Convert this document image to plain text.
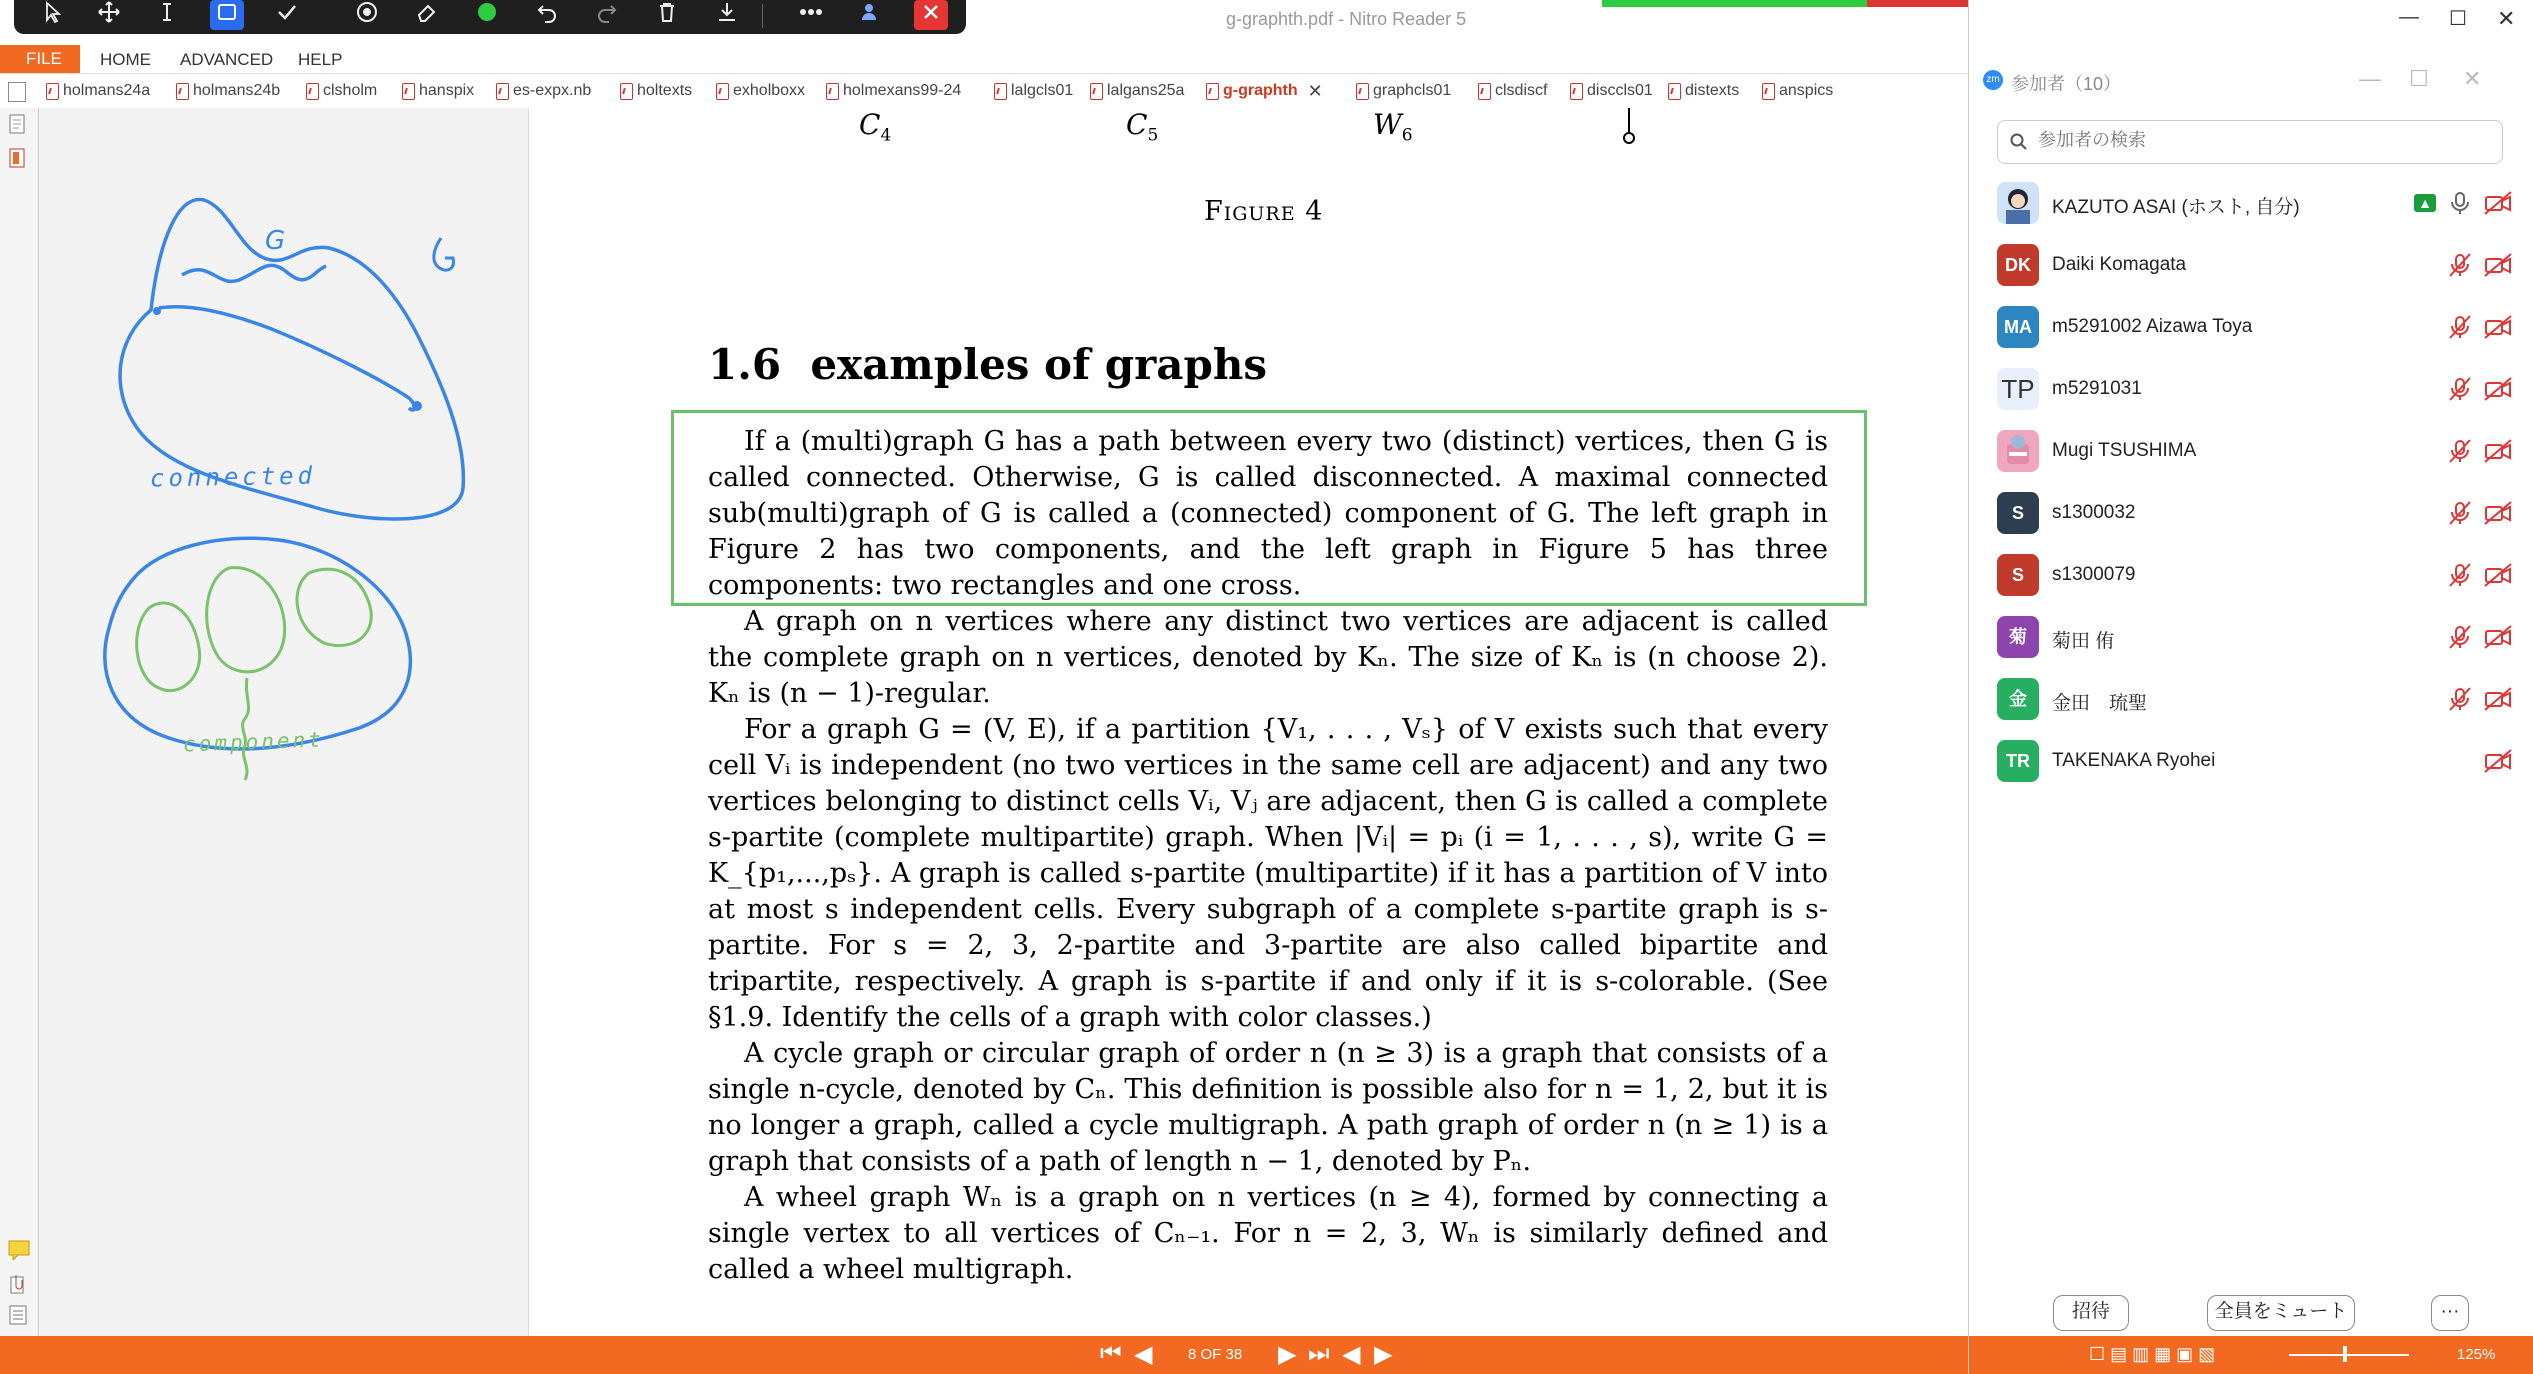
g-graphth.pdf - Nitro Reader 5
FILE	HOME ADVANCED HELP
holmans24a	holmans24b	clsholm	hanspix es-expx.nb	holtexts	exholboxx holmexans99-24	lalgcls01 lalgans25a g-graphth ✕	graphcls01	clsdiscf disccls01 distexts anspics
connected
G
component
$C_4$	$C_5$	$W_6$
Figure 4
1.6 examples of graphs

If a (multi)graph G has a path between every two (distinct) vertices, then G is called connected. Otherwise, G is called disconnected. A maximal connected sub(multi)graph of G is called a (connected) component of G. The left graph in Figure 2 has two components, and the left graph in Figure 5 has three components: two rectangles and one cross.

A graph on n vertices where any distinct two vertices are adjacent is called the complete graph on n vertices, denoted by Kₙ. The size of Kₙ is (n choose 2). Kₙ is (n − 1)-regular.

For a graph G = (V, E), if a partition {V₁, . . . , Vₛ} of V exists such that every cell Vᵢ is independent (no two vertices in the same cell are adjacent) and any two vertices belonging to distinct cells Vᵢ, Vⱼ are adjacent, then G is called a complete s-partite (complete multipartite) graph. When |Vᵢ| = pᵢ (i = 1, . . . , s), write G = K_{p₁,...,pₛ}. A graph is called s-partite (multipartite) if it has a partition of V into at most s independent cells. Every subgraph of a complete s-partite graph is s-partite. For s = 2, 3, 2-partite and 3-partite are also called bipartite and tripartite, respectively. A graph is s-partite if and only if it is s-colorable. (See §1.9. Identify the cells of a graph with color classes.)

A cycle graph or circular graph of order n (n ≥ 3) is a graph that consists of a single n-cycle, denoted by Cₙ. This definition is possible also for n = 1, 2, but it is no longer a graph, called a cycle multigraph. A path graph of order n (n ≥ 1) is a graph that consists of a path of length n − 1, denoted by Pₙ.

A wheel graph Wₙ is a graph on n vertices (n ≥ 4), formed by connecting a single vertex to all vertices of Cₙ₋₁. For n = 2, 3, Wₙ is similarly defined and called a wheel multigraph.

⏮ ◀ 8 OF 38 ▶ ⏭ ◀ ▶
— ☐ ✕
zm 参加者（10）	— ☐ ✕
参加者の検索
KAZUTO ASAI (ホスト, 自分)	▲
DK	Daiki Komagata
MA	m5291002 Aizawa Toya
TP m5291031
Mugi TSUSHIMA
S	s1300032
S	s1300079
菊	菊田 侑
金	金田　琉聖
TR	TAKENAKA Ryohei
招待	全員をミュート	···
☐ ▤ ▥ ▦ ▣ ▧	125%
